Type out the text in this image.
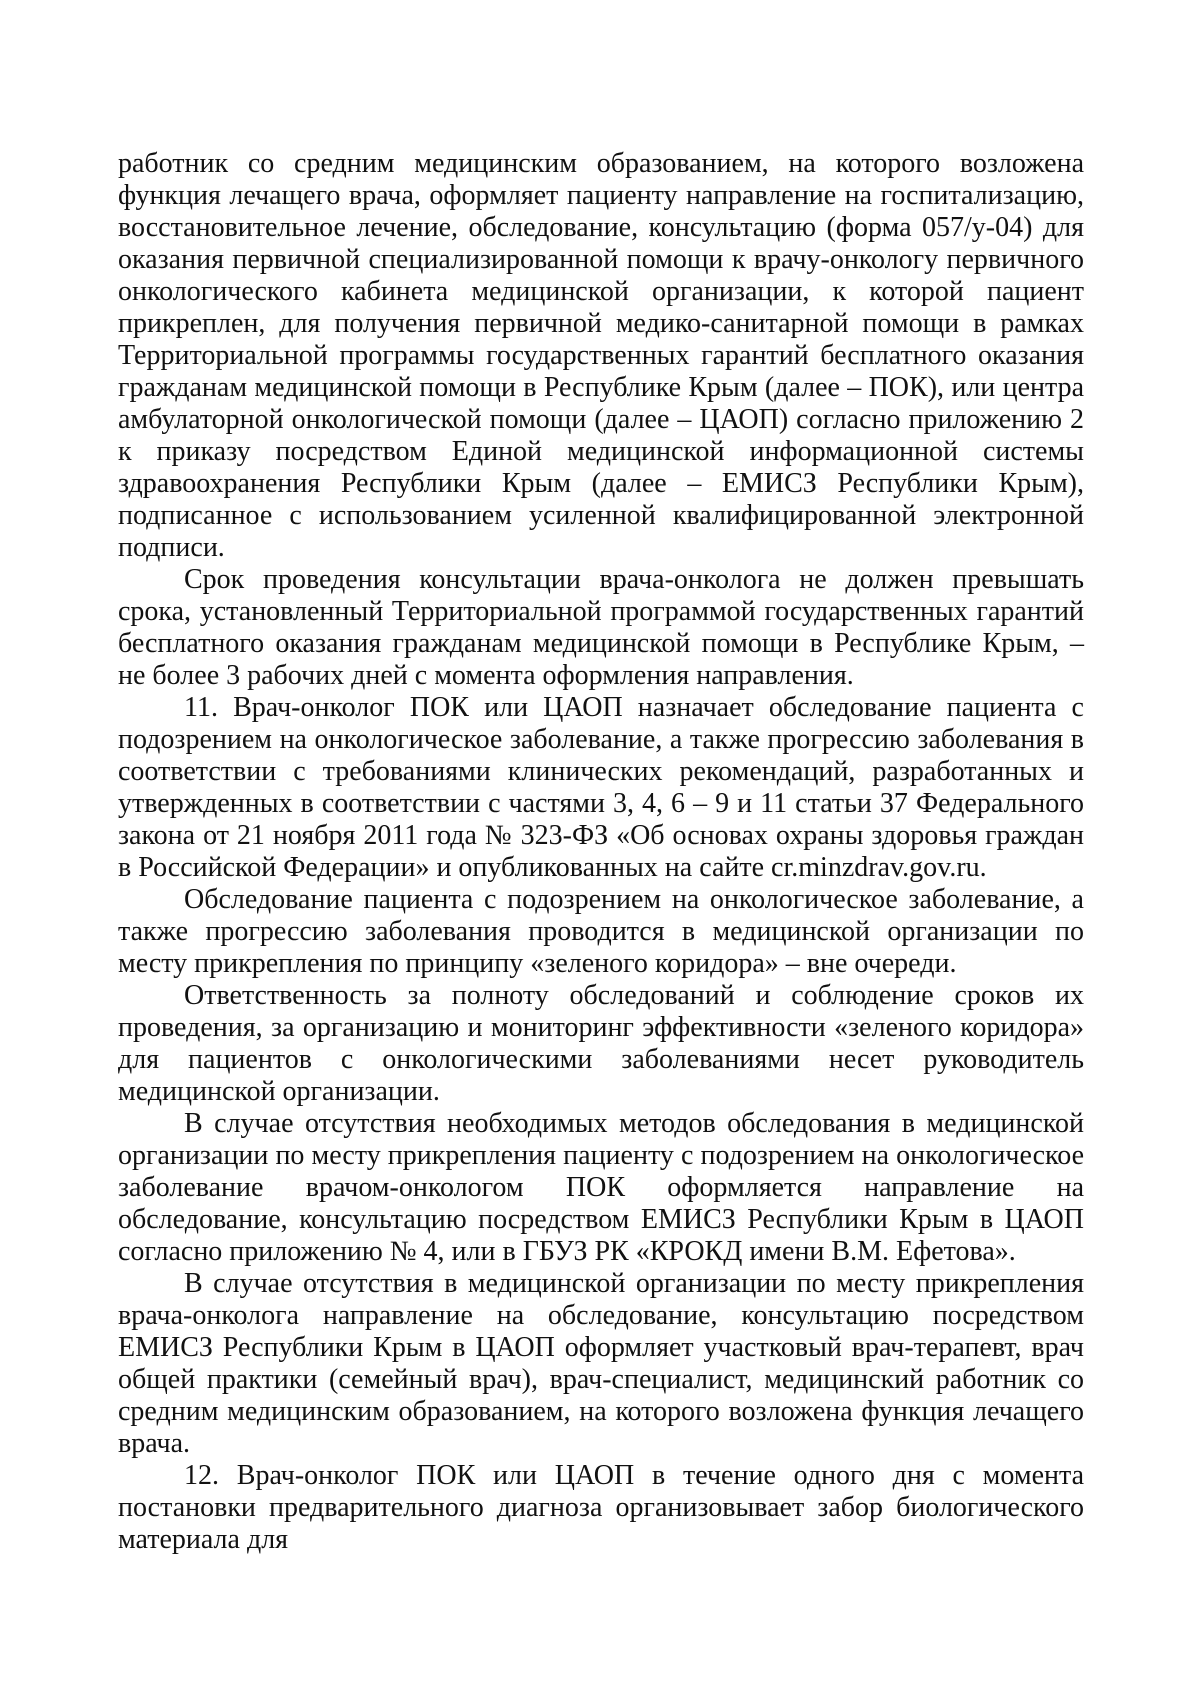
работник со средним медицинским образованием, на которого возложена функция лечащего врача, оформляет пациенту направление на госпитализацию, восстановительное лечение, обследование, консультацию (форма 057/у-04) для оказания первичной специализированной помощи к врачу-онкологу первичного онкологического кабинета медицинской организации, к которой пациент прикреплен, для получения первичной медико-санитарной помощи в рамках Территориальной программы государственных гарантий бесплатного оказания гражданам медицинской помощи в Республике Крым (далее – ПОК), или центра амбулаторной онкологической помощи (далее – ЦАОП) согласно приложению 2 к приказу посредством Единой медицинской информационной системы здравоохранения Республики Крым (далее – ЕМИСЗ Республики Крым), подписанное с использованием усиленной квалифицированной электронной подписи.

Срок проведения консультации врача-онколога не должен превышать срока, установленный Территориальной программой государственных гарантий бесплатного оказания гражданам медицинской помощи в Республике Крым, – не более 3 рабочих дней с момента оформления направления.

11. Врач-онколог ПОК или ЦАОП назначает обследование пациента с подозрением на онкологическое заболевание, а также прогрессию заболевания в соответствии с требованиями клинических рекомендаций, разработанных и утвержденных в соответствии с частями 3, 4, 6 – 9 и 11 статьи 37 Федерального закона от 21 ноября 2011 года № 323-ФЗ «Об основах охраны здоровья граждан в Российской Федерации» и опубликованных на сайте cr.minzdrav.gov.ru.

Обследование пациента с подозрением на онкологическое заболевание, а также прогрессию заболевания проводится в медицинской организации по месту прикрепления по принципу «зеленого коридора» – вне очереди.

Ответственность за полноту обследований и соблюдение сроков их проведения, за организацию и мониторинг эффективности «зеленого коридора» для пациентов с онкологическими заболеваниями несет руководитель медицинской организации.

В случае отсутствия необходимых методов обследования в медицинской организации по месту прикрепления пациенту с подозрением на онкологическое заболевание врачом-онкологом ПОК оформляется направление на обследование, консультацию посредством ЕМИСЗ Республики Крым в ЦАОП согласно приложению № 4, или в ГБУЗ РК «КРОКД имени В.М. Ефетова».

В случае отсутствия в медицинской организации по месту прикрепления врача-онколога направление на обследование, консультацию посредством ЕМИСЗ Республики Крым в ЦАОП оформляет участковый врач-терапевт, врач общей практики (семейный врач), врач-специалист, медицинский работник со средним медицинским образованием, на которого возложена функция лечащего врача.

12. Врач-онколог ПОК или ЦАОП в течение одного дня с момента постановки предварительного диагноза организовывает забор биологического материала для
